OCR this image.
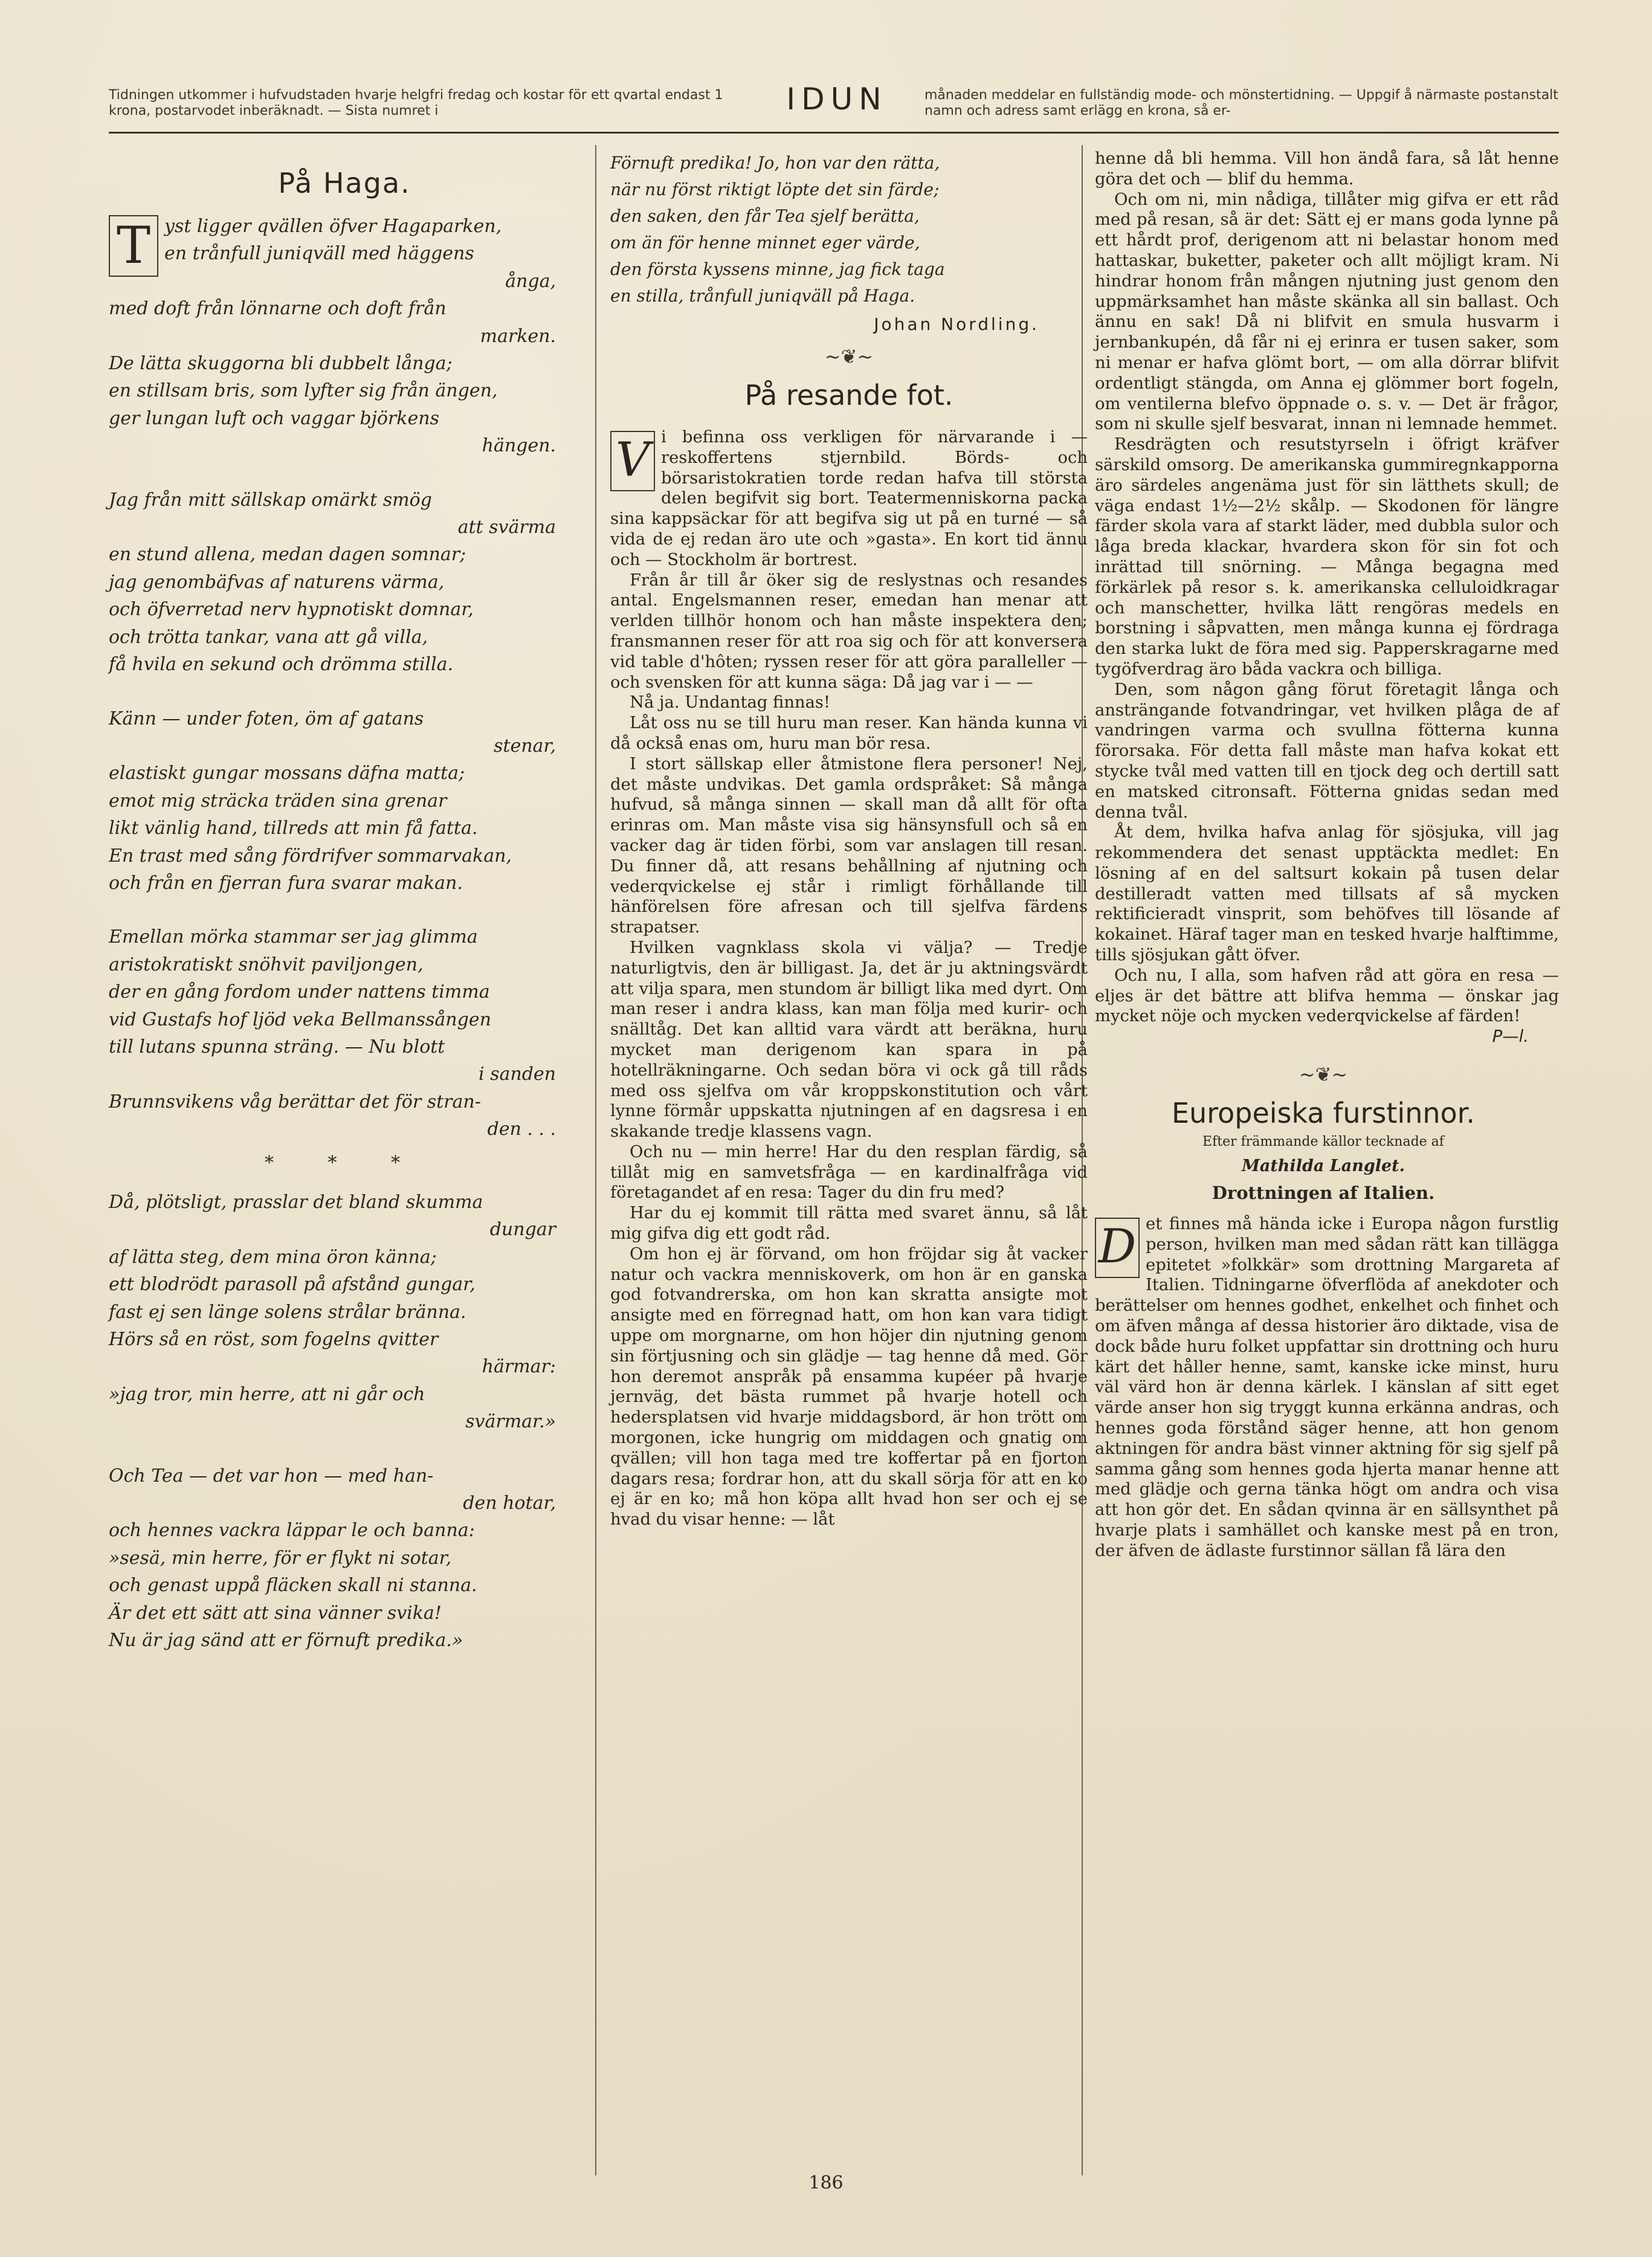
Tidningen utkommer i hufvudstaden hvarje helgfri fredag och kostar för ett qvartal endast 1 krona, postarvodet inberäknadt. — Sista numret i	IDUN	månaden meddelar en fullständig mode- och mönstertidning. — Uppgif å närmaste postanstalt namn och adress samt erlägg en krona, så er-
På Haga.
T yst ligger qvällen öfver Hagaparken,
en trånfull juniqväll med häggens
ånga,
med doft från lönnarne och doft från
marken.
De lätta skuggorna bli dubbelt långa;
en stillsam bris, som lyfter sig från ängen,
ger lungan luft och vaggar björkens
hängen.
Jag från mitt sällskap omärkt smög
att svärma
en stund allena, medan dagen somnar;
jag genombäfvas af naturens värma,
och öfverretad nerv hypnotiskt domnar,
och trötta tankar, vana att gå villa,
få hvila en sekund och drömma stilla.
Känn — under foten, öm af gatans
stenar,
elastiskt gungar mossans däfna matta;
emot mig sträcka träden sina grenar
likt vänlig hand, tillreds att min få fatta.
En trast med sång fördrifver sommarvakan,
och från en fjerran fura svarar makan.
Emellan mörka stammar ser jag glimma
aristokratiskt snöhvit paviljongen,
der en gång fordom under nattens timma
vid Gustafs hof ljöd veka Bellmanssången
till lutans spunna sträng. — Nu blott
i sanden
Brunnsvikens våg berättar det för stran-
den . . .
* * *
Då, plötsligt, prasslar det bland skumma
dungar
af lätta steg, dem mina öron känna;
ett blodrödt parasoll på afstånd gungar,
fast ej sen länge solens strålar bränna.
Hörs så en röst, som fogelns qvitter
härmar:
»jag tror, min herre, att ni går och
svärmar.»
Och Tea — det var hon — med han-
den hotar,
och hennes vackra läppar le och banna:
»sesä, min herre, för er flykt ni sotar,
och genast uppå fläcken skall ni stanna.
Är det ett sätt att sina vänner svika!
Nu är jag sänd att er förnuft predika.»
Förnuft predika! Jo, hon var den rätta,
när nu först riktigt löpte det sin färde;
den saken, den får Tea sjelf berätta,
om än för henne minnet eger värde,
den första kyssens minne, jag fick taga
en stilla, trånfull juniqväll på Haga.
Johan Nordling.
~❦~
På resande fot.

V i befinna oss verkligen för närvarande i — reskoffertens stjernbild. Börds- och börsaristokratien torde redan hafva till största delen begifvit sig bort. Teatermenniskorna packa sina kappsäckar för att begifva sig ut på en turné — så vida de ej redan äro ute och »gasta». En kort tid ännu och — Stockholm är bortrest.

Från år till år öker sig de reslystnas och resandes antal. Engelsmannen reser, emedan han menar att verlden tillhör honom och han måste inspektera den; fransmannen reser för att roa sig och för att konversera vid table d'hôten; ryssen reser för att göra paralleller — och svensken för att kunna säga: Då jag var i — —

Nå ja. Undantag finnas!

Låt oss nu se till huru man reser. Kan hända kunna vi då också enas om, huru man bör resa.

I stort sällskap eller åtmistone flera personer! Nej, det måste undvikas. Det gamla ordspråket: Så många hufvud, så många sinnen — skall man då allt för ofta erinras om. Man måste visa sig hänsynsfull och så en vacker dag är tiden förbi, som var anslagen till resan. Du finner då, att resans behållning af njutning och vederqvickelse ej står i rimligt förhållande till hänförelsen före afresan och till sjelfva färdens strapatser.

Hvilken vagnklass skola vi välja? — Tredje naturligtvis, den är billigast. Ja, det är ju aktningsvärdt att vilja spara, men stundom är billigt lika med dyrt. Om man reser i andra klass, kan man följa med kurir- och snälltåg. Det kan alltid vara värdt att beräkna, huru mycket man derigenom kan spara in på hotellräkningarne. Och sedan böra vi ock gå till råds med oss sjelfva om vår kroppskonstitution och vårt lynne förmår uppskatta njutningen af en dagsresa i en skakande tredje klassens vagn.

Och nu — min herre! Har du den resplan färdig, så tillåt mig en samvetsfråga — en kardinalfråga vid företagandet af en resa: Tager du din fru med?

Har du ej kommit till rätta med svaret ännu, så låt mig gifva dig ett godt råd.

Om hon ej är förvand, om hon fröjdar sig åt vacker natur och vackra menniskoverk, om hon är en ganska god fotvandrerska, om hon kan skratta ansigte mot ansigte med en förregnad hatt, om hon kan vara tidigt uppe om morgnarne, om hon höjer din njutning genom sin förtjusning och sin glädje — tag henne då med. Gör hon deremot anspråk på ensamma kupéer på hvarje jernväg, det bästa rummet på hvarje hotell och hedersplatsen vid hvarje middagsbord, är hon trött om morgonen, icke hungrig om middagen och gnatig om qvällen; vill hon taga med tre koffertar på en fjorton dagars resa; fordrar hon, att du skall sörja för att en ko ej är en ko; må hon köpa allt hvad hon ser och ej se hvad du visar henne: — låt

henne då bli hemma. Vill hon ändå fara, så låt henne göra det och — blif du hemma.

Och om ni, min nådiga, tillåter mig gifva er ett råd med på resan, så är det: Sätt ej er mans goda lynne på ett hårdt prof, derigenom att ni belastar honom med hattaskar, buketter, paketer och allt möjligt kram. Ni hindrar honom från mången njutning just genom den uppmärksamhet han måste skänka all sin ballast. Och ännu en sak! Då ni blifvit en smula husvarm i jernbankupén, då får ni ej erinra er tusen saker, som ni menar er hafva glömt bort, — om alla dörrar blifvit ordentligt stängda, om Anna ej glömmer bort fogeln, om ventilerna blefvo öppnade o. s. v. — Det är frågor, som ni skulle sjelf besvarat, innan ni lemnade hemmet.

Resdrägten och resutstyrseln i öfrigt kräfver särskild omsorg. De amerikanska gummiregnkapporna äro särdeles angenäma just för sin lätthets skull; de väga endast 1½—2½ skålp. — Skodonen för längre färder skola vara af starkt läder, med dubbla sulor och låga breda klackar, hvardera skon för sin fot och inrättad till snörning. — Många begagna med förkärlek på resor s. k. amerikanska celluloidkragar och manschetter, hvilka lätt rengöras medels en borstning i såpvatten, men många kunna ej fördraga den starka lukt de föra med sig. Papperskragarne med tygöfverdrag äro båda vackra och billiga.

Den, som någon gång förut företagit långa och ansträngande fotvandringar, vet hvilken plåga de af vandringen varma och svullna fötterna kunna förorsaka. För detta fall måste man hafva kokat ett stycke tvål med vatten till en tjock deg och dertill satt en matsked citronsaft. Fötterna gnidas sedan med denna tvål.

Åt dem, hvilka hafva anlag för sjösjuka, vill jag rekommendera det senast upptäckta medlet: En lösning af en del saltsurt kokain på tusen delar destilleradt vatten med tillsats af så mycken rektificieradt vinsprit, som behöfves till lösande af kokainet. Häraf tager man en tesked hvarje halftimme, tills sjösjukan gått öfver.

Och nu, I alla, som hafven råd att göra en resa — eljes är det bättre att blifva hemma — önskar jag mycket nöje och mycken vederqvickelse af färden!

P—l.
~❦~
Europeiska furstinnor.
Efter främmande källor tecknade af
Mathilda Langlet.
Drottningen af Italien.

D et finnes må hända icke i Europa någon furstlig person, hvilken man med sådan rätt kan tillägga epitetet »folkkär» som drottning Margareta af Italien. Tidningarne öfverflöda af anekdoter och berättelser om hennes godhet, enkelhet och finhet och om äfven många af dessa historier äro diktade, visa de dock både huru folket uppfattar sin drottning och huru kärt det håller henne, samt, kanske icke minst, huru väl värd hon är denna kärlek. I känslan af sitt eget värde anser hon sig tryggt kunna erkänna andras, och hennes goda förstånd säger henne, att hon genom aktningen för andra bäst vinner aktning för sig sjelf på samma gång som hennes goda hjerta manar henne att med glädje och gerna tänka högt om andra och visa att hon gör det. En sådan qvinna är en sällsynthet på hvarje plats i samhället och kanske mest på en tron, der äfven de ädlaste furstinnor sällan få lära den

186
